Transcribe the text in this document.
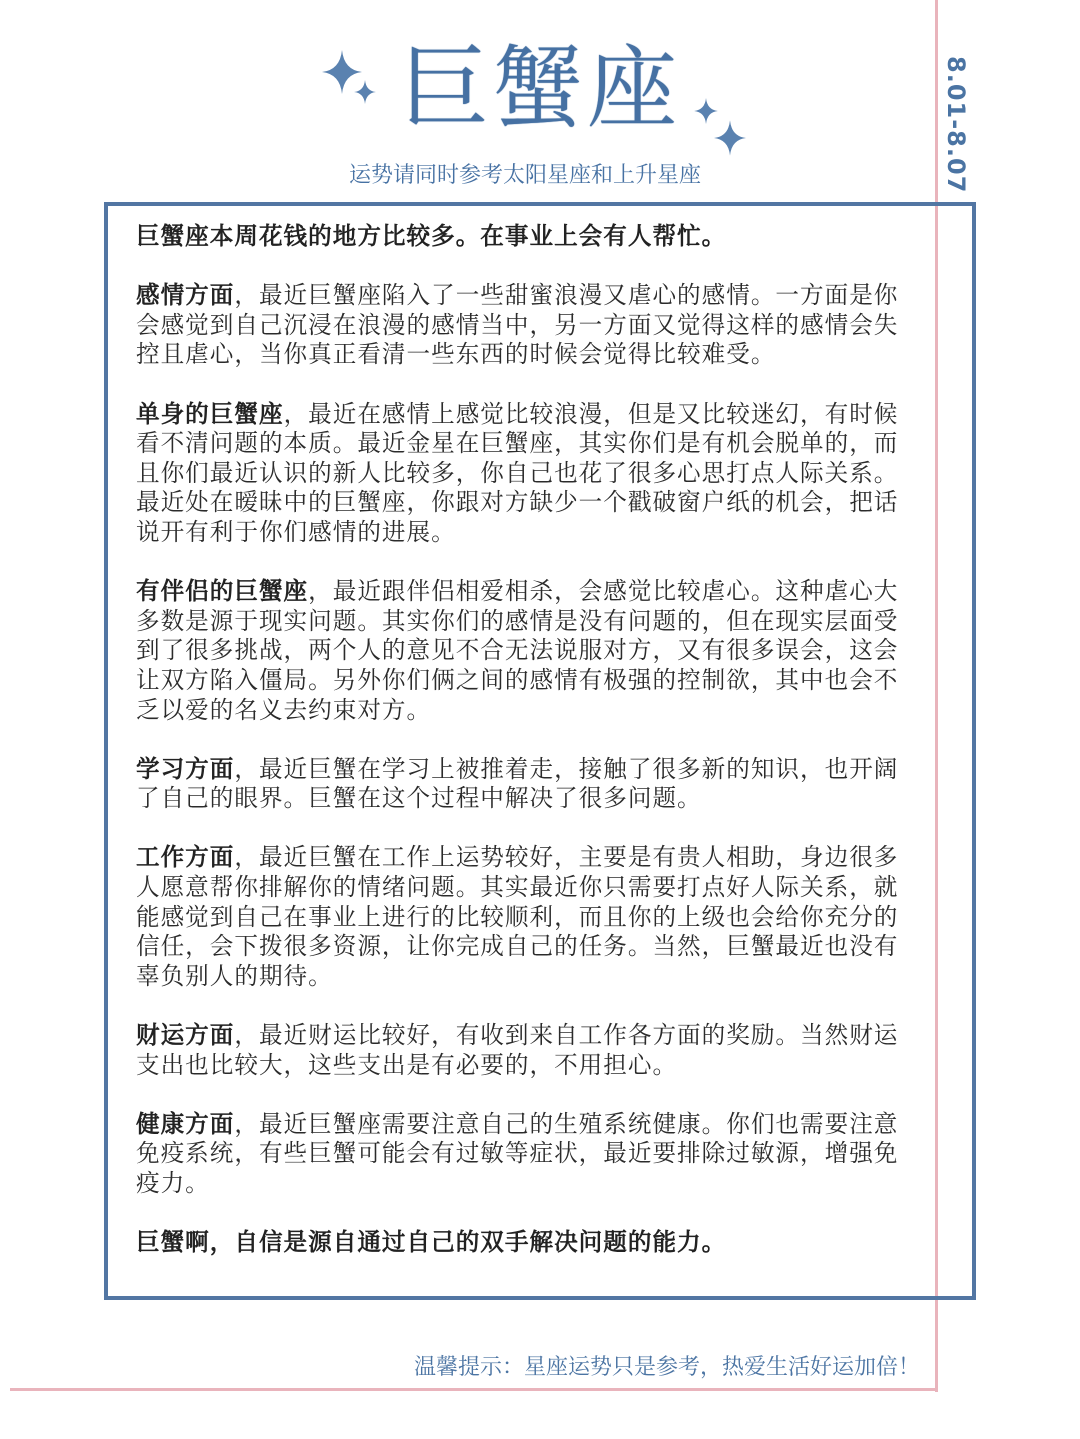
8.01-8.07
巨蟹座
运势请同时参考太阳星座和上升星座

巨蟹座本周花钱的地方比较多。在事业上会有人帮忙。

感情方面，最近巨蟹座陷入了一些甜蜜浪漫又虐心的感情。一方面是你会感觉到自己沉浸在浪漫的感情当中，另一方面又觉得这样的感情会失控且虐心，当你真正看清一些东西的时候会觉得比较难受。

单身的巨蟹座，最近在感情上感觉比较浪漫，但是又比较迷幻，有时候看不清问题的本质。最近金星在巨蟹座，其实你们是有机会脱单的，而且你们最近认识的新人比较多，你自己也花了很多心思打点人际关系。最近处在暧昧中的巨蟹座，你跟对方缺少一个戳破窗户纸的机会，把话说开有利于你们感情的进展。

有伴侣的巨蟹座，最近跟伴侣相爱相杀，会感觉比较虐心。这种虐心大多数是源于现实问题。其实你们的感情是没有问题的，但在现实层面受到了很多挑战，两个人的意见不合无法说服对方，又有很多误会，这会让双方陷入僵局。另外你们俩之间的感情有极强的控制欲，其中也会不乏以爱的名义去约束对方。

学习方面，最近巨蟹在学习上被推着走，接触了很多新的知识，也开阔了自己的眼界。巨蟹在这个过程中解决了很多问题。

工作方面，最近巨蟹在工作上运势较好，主要是有贵人相助，身边很多人愿意帮你排解你的情绪问题。其实最近你只需要打点好人际关系，就能感觉到自己在事业上进行的比较顺利，而且你的上级也会给你充分的信任，会下拨很多资源，让你完成自己的任务。当然，巨蟹最近也没有辜负别人的期待。

财运方面，最近财运比较好，有收到来自工作各方面的奖励。当然财运支出也比较大，这些支出是有必要的，不用担心。

健康方面，最近巨蟹座需要注意自己的生殖系统健康。你们也需要注意免疫系统，有些巨蟹可能会有过敏等症状，最近要排除过敏源，增强免疫力。

巨蟹啊，自信是源自通过自己的双手解决问题的能力。

温馨提示：星座运势只是参考，热爱生活好运加倍！
